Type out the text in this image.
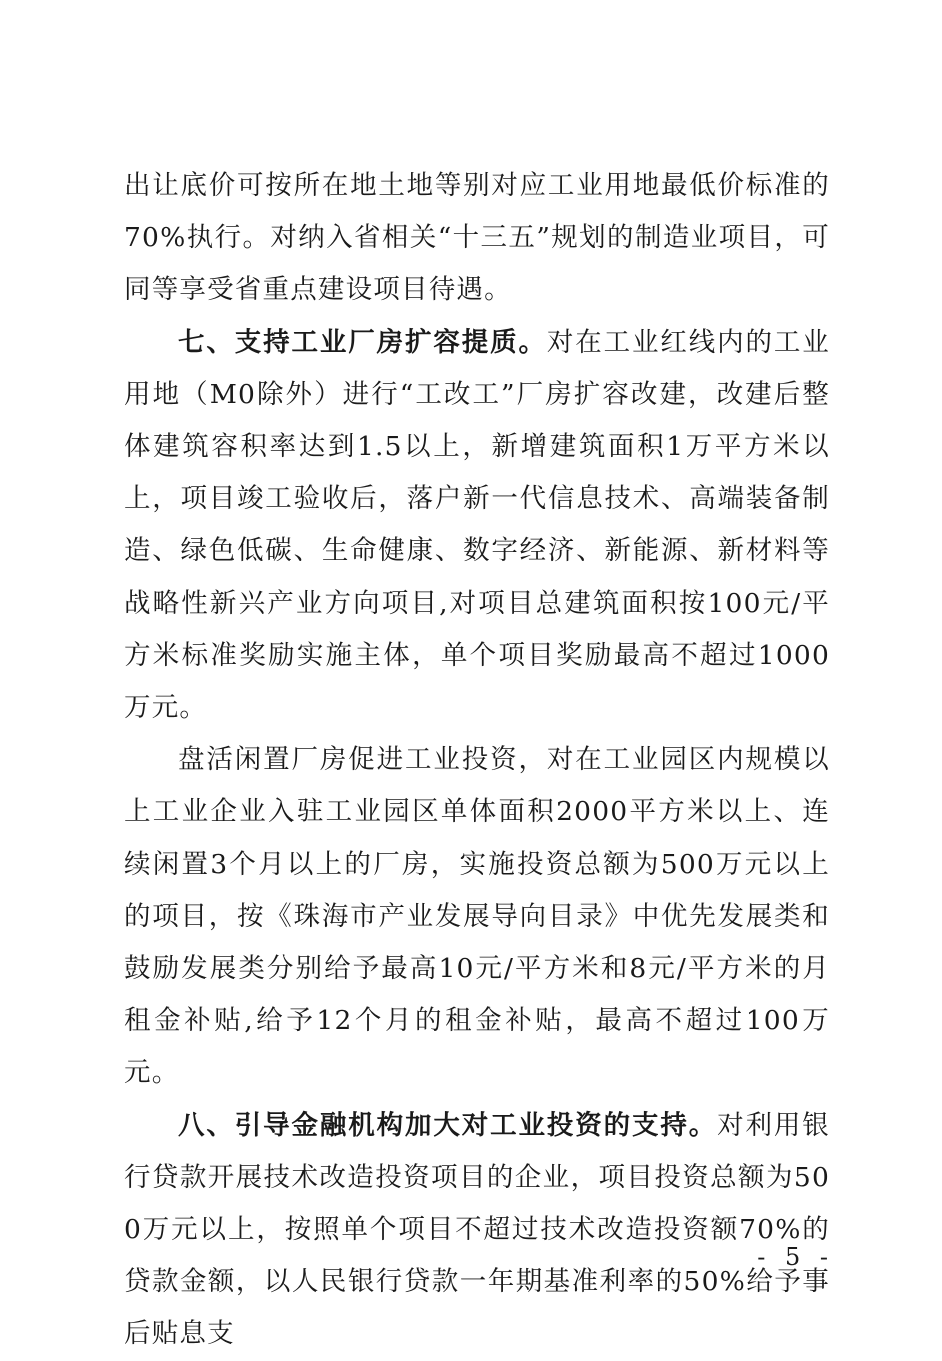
出让底价可按所在地土地等别对应工业用地最低价标准的70%执行。对纳入省相关“十三五”规划的制造业项目，可同等享受省重点建设项目待遇。

七、支持工业厂房扩容提质。对在工业红线内的工业用地（M0除外）进行“工改工”厂房扩容改建，改建后整体建筑容积率达到1.5以上，新增建筑面积1万平方米以上，项目竣工验收后，落户新一代信息技术、高端装备制造、绿色低碳、生命健康、数字经济、新能源、新材料等战略性新兴产业方向项目,对项目总建筑面积按100元/平方米标准奖励实施主体，单个项目奖励最高不超过1000万元。

盘活闲置厂房促进工业投资，对在工业园区内规模以上工业企业入驻工业园区单体面积2000平方米以上、连续闲置3个月以上的厂房，实施投资总额为500万元以上的项目，按《珠海市产业发展导向目录》中优先发展类和鼓励发展类分别给予最高10元/平方米和8元/平方米的月租金补贴,给予12个月的租金补贴，最高不超过100万元。

八、引导金融机构加大对工业投资的支持。对利用银行贷款开展技术改造投资项目的企业，项目投资总额为500万元以上，按照单个项目不超过技术改造投资额70%的贷款金额，以人民银行贷款一年期基准利率的50%给予事后贴息支

- 5 -
